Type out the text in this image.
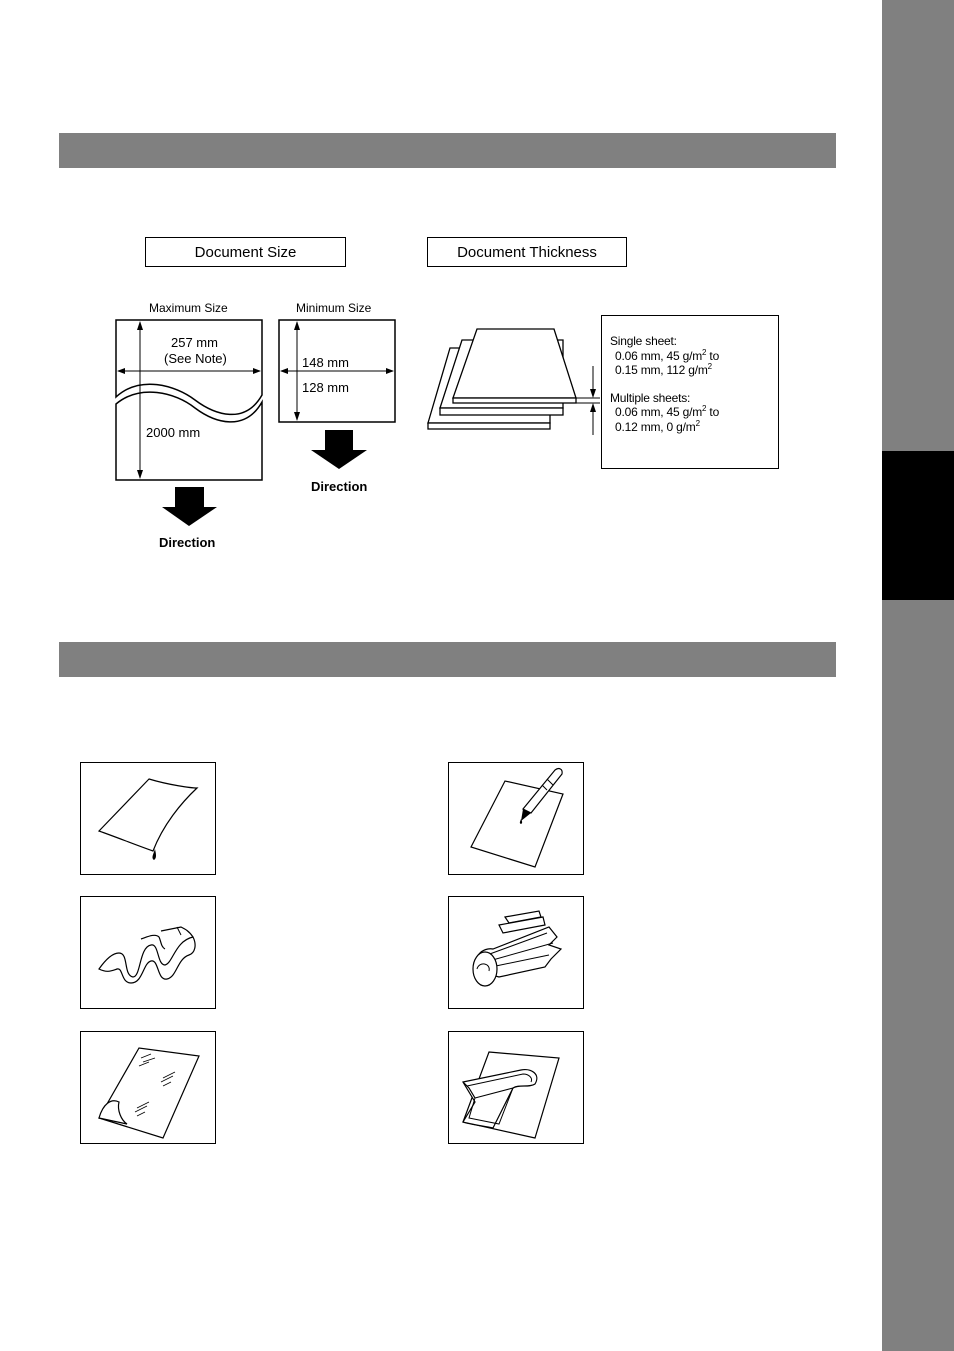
Document Size	Document Thickness
Maximum Size	Minimum Size
257 mm
(See Note)
2000 mm
Direction
148 mm
128 mm
Direction
Single sheet:
0.06 mm, 45 $g/m^2$ to
0.15 mm, 112 $g/m^2$
Multiple sheets:
0.06 mm, 45 $g/m^2$ to
0.12 mm, 0 $g/m^2$
